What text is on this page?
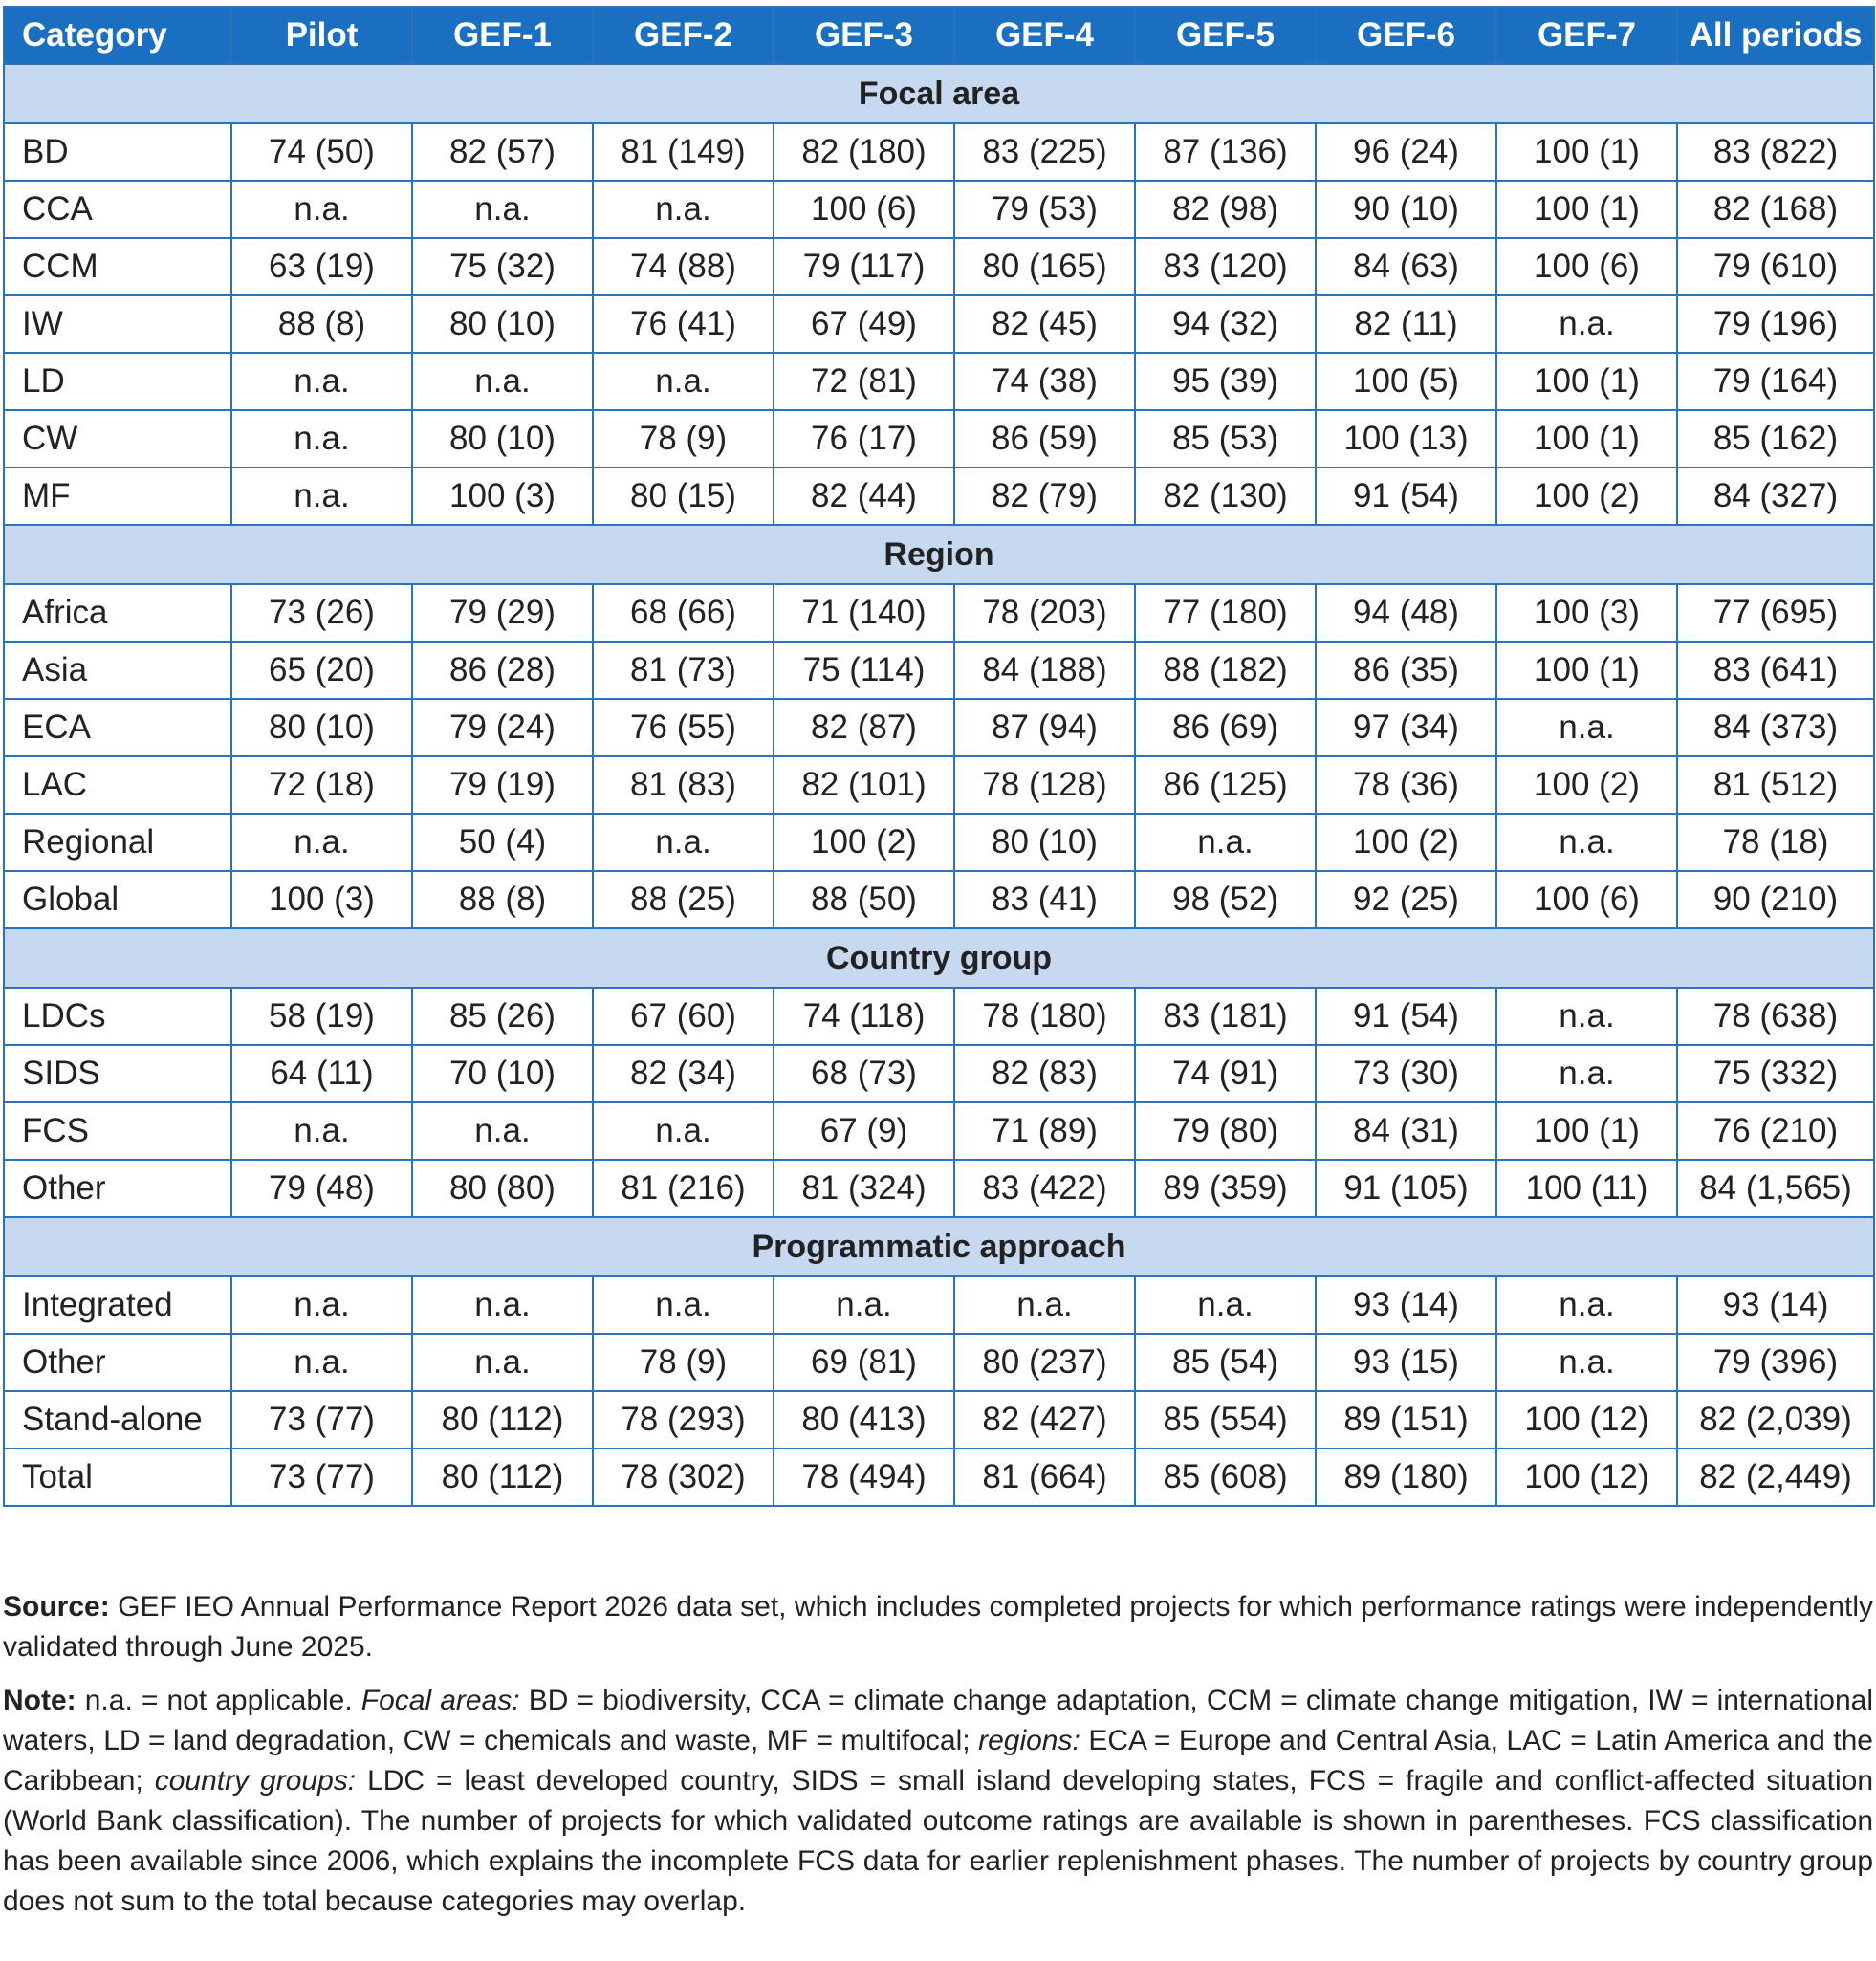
Category	Pilot	GEF-1	GEF-2	GEF-3	GEF-4	GEF-5	GEF-6	GEF-7	All periods
Focal area									
BD	74 (50)	82 (57)	81 (149)	82 (180)	83 (225)	87 (136)	96 (24)	100 (1)	83 (822)
CCA	n.a.	n.a.	n.a.	100 (6)	79 (53)	82 (98)	90 (10)	100 (1)	82 (168)
CCM	63 (19)	75 (32)	74 (88)	79 (117)	80 (165)	83 (120)	84 (63)	100 (6)	79 (610)
IW	88 (8)	80 (10)	76 (41)	67 (49)	82 (45)	94 (32)	82 (11)	n.a.	79 (196)
LD	n.a.	n.a.	n.a.	72 (81)	74 (38)	95 (39)	100 (5)	100 (1)	79 (164)
CW	n.a.	80 (10)	78 (9)	76 (17)	86 (59)	85 (53)	100 (13)	100 (1)	85 (162)
MF	n.a.	100 (3)	80 (15)	82 (44)	82 (79)	82 (130)	91 (54)	100 (2)	84 (327)
Region									
Africa	73 (26)	79 (29)	68 (66)	71 (140)	78 (203)	77 (180)	94 (48)	100 (3)	77 (695)
Asia	65 (20)	86 (28)	81 (73)	75 (114)	84 (188)	88 (182)	86 (35)	100 (1)	83 (641)
ECA	80 (10)	79 (24)	76 (55)	82 (87)	87 (94)	86 (69)	97 (34)	n.a.	84 (373)
LAC	72 (18)	79 (19)	81 (83)	82 (101)	78 (128)	86 (125)	78 (36)	100 (2)	81 (512)
Regional	n.a.	50 (4)	n.a.	100 (2)	80 (10)	n.a.	100 (2)	n.a.	78 (18)
Global	100 (3)	88 (8)	88 (25)	88 (50)	83 (41)	98 (52)	92 (25)	100 (6)	90 (210)
Country group									
LDCs	58 (19)	85 (26)	67 (60)	74 (118)	78 (180)	83 (181)	91 (54)	n.a.	78 (638)
SIDS	64 (11)	70 (10)	82 (34)	68 (73)	82 (83)	74 (91)	73 (30)	n.a.	75 (332)
FCS	n.a.	n.a.	n.a.	67 (9)	71 (89)	79 (80)	84 (31)	100 (1)	76 (210)
Other	79 (48)	80 (80)	81 (216)	81 (324)	83 (422)	89 (359)	91 (105)	100 (11)	84 (1,565)
Programmatic approach									
Integrated	n.a.	n.a.	n.a.	n.a.	n.a.	n.a.	93 (14)	n.a.	93 (14)
Other	n.a.	n.a.	78 (9)	69 (81)	80 (237)	85 (54)	93 (15)	n.a.	79 (396)
Stand-alone	73 (77)	80 (112)	78 (293)	80 (413)	82 (427)	85 (554)	89 (151)	100 (12)	82 (2,039)
Total	73 (77)	80 (112)	78 (302)	78 (494)	81 (664)	85 (608)	89 (180)	100 (12)	82 (2,449)

Source: GEF IEO Annual Performance Report 2026 data set, which includes completed projects for which performance ratings were independently validated through June 2025.

Note: n.a. = not applicable. Focal areas: BD = biodiversity, CCA = climate change adaptation, CCM = climate change mitigation, IW = international waters, LD = land degradation, CW = chemicals and waste, MF = multifocal; regions: ECA = Europe and Central Asia, LAC = Latin America and the Caribbean; country groups: LDC = least developed country, SIDS = small island developing states, FCS = fragile and conflict-affected situation (World Bank classification). The number of projects for which validated outcome ratings are available is shown in parentheses. FCS classification has been available since 2006, which explains the incomplete FCS data for earlier replenishment phases. The number of projects by country group does not sum to the total because categories may overlap.
